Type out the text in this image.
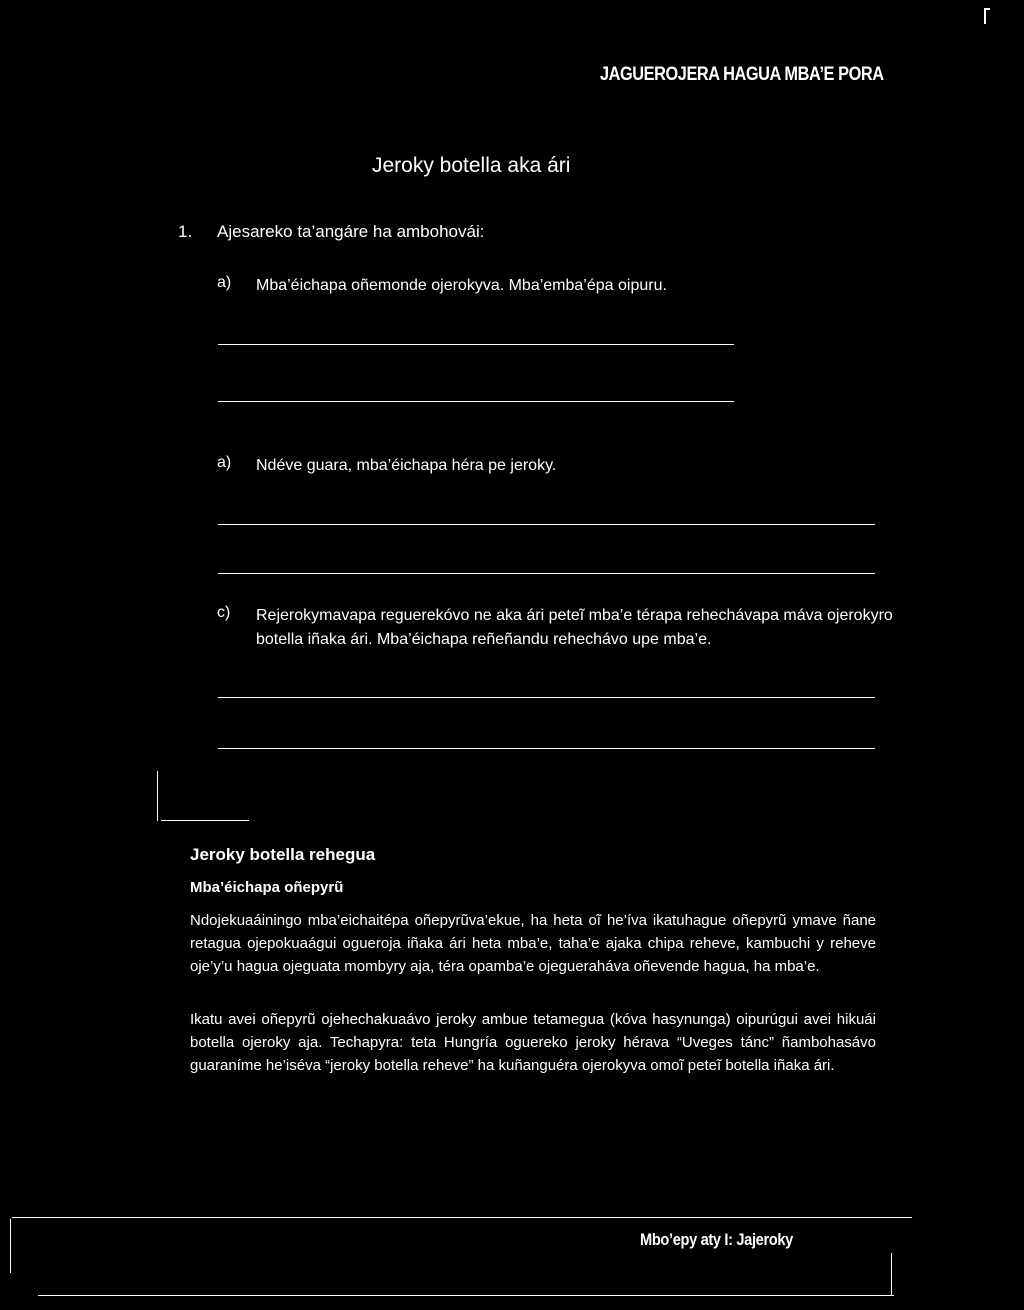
JAGUEROJERA HAGUA MBA’E PORA
Jeroky botella aka ári
1. Ajesareko ta’angáre ha ambohovái:
a) Mba’éichapa oñemonde ojerokyva. Mba’emba’épa oipuru.
a) Ndéve guara, mba’éichapa héra pe jeroky.
c) Rejerokymavapa reguerekóvo ne aka ári peteĩ mba’e térapa rehechávapa máva ojerokyro botella iñaka ári. Mba’éichapa reñeñandu rehechávo upe mba’e.
Jeroky botella rehegua
Mba’éichapa oñepyrũ
Ndojekuaáiningo mba’eichaitépa oñepyrũva’ekue, ha heta oĩ he’íva ikatuhague oñepyrũ ymave ñane retagua ojepokuaágui ogueroja iñaka ári heta mba’e, taha’e ajaka chipa reheve, kambuchi y reheve oje’y’u hagua ojeguata mombyry aja, téra opamba’e ojegueraháva oñevende hagua, ha mba’e.
Ikatu avei oñepyrũ ojehechakuaávo jeroky ambue tetamegua (kóva hasynunga) oipurúgui avei hikuái botella ojeroky aja. Techapyra: teta Hungría oguereko jeroky hérava “Uveges tánc” ñambohasávo guaraníme he’iséva “jeroky botella reheve” ha kuñanguéra ojerokyva omoĩ peteĩ botella iñaka ári.
Mbo’epy aty I: Jajeroky
